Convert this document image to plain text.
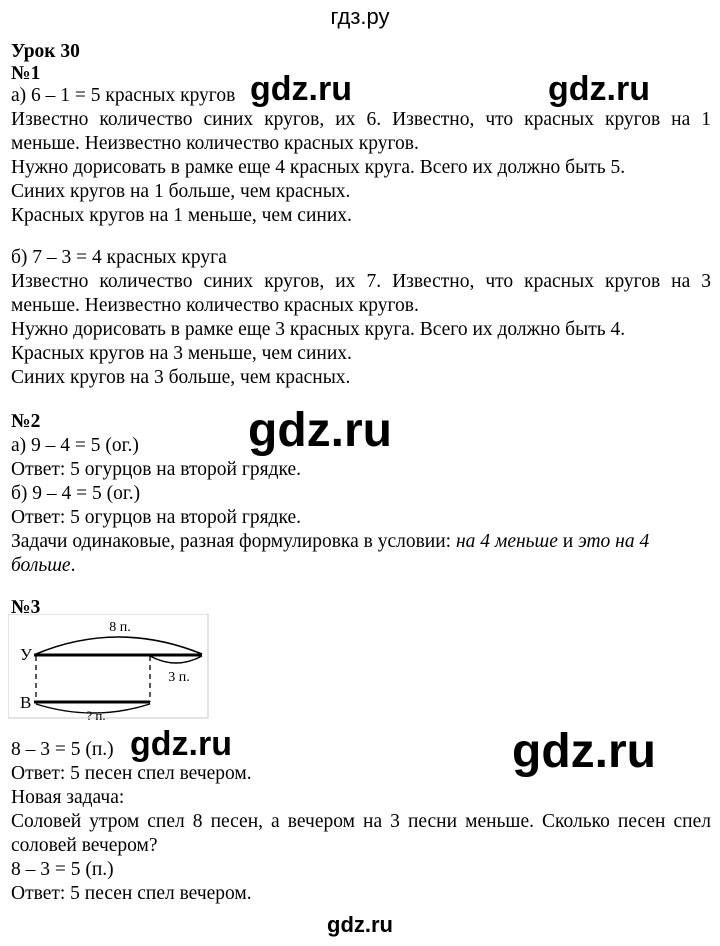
гдз.ру
Урок 30
№1
а) 6 – 1 = 5 красных кругов
Известно количество синих кругов, их 6. Известно, что красных кругов на 1
меньше. Неизвестно количество красных кругов.
Нужно дорисовать в рамке еще 4 красных круга. Всего их должно быть 5.
Синих кругов на 1 больше, чем красных.
Красных кругов на 1 меньше, чем синих.
б) 7 – 3 = 4 красных круга
Известно количество синих кругов, их 7. Известно, что красных кругов на 3
меньше. Неизвестно количество красных кругов.
Нужно дорисовать в рамке еще 3 красных круга. Всего их должно быть 4.
Красных кругов на 3 меньше, чем синих.
Синих кругов на 3 больше, чем красных.
№2
а) 9 – 4 = 5 (ог.)
Ответ: 5 огурцов на второй грядке.
б) 9 – 4 = 5 (ог.)
Ответ: 5 огурцов на второй грядке.
Задачи одинаковые, разная формулировка в условии: на 4 меньше и это на 4
больше.
№3
8 п.
3 п.
? п.
У
В
8 – 3 = 5 (п.)
Ответ: 5 песен спел вечером.
Новая задача:
Соловей утром спел 8 песен, а вечером на 3 песни меньше. Сколько песен спел
соловей вечером?
8 – 3 = 5 (п.)
Ответ: 5 песен спел вечером.
gdz.ru	gdz.ru
gdz.ru
gdz.ru	gdz.ru
gdz.ru
